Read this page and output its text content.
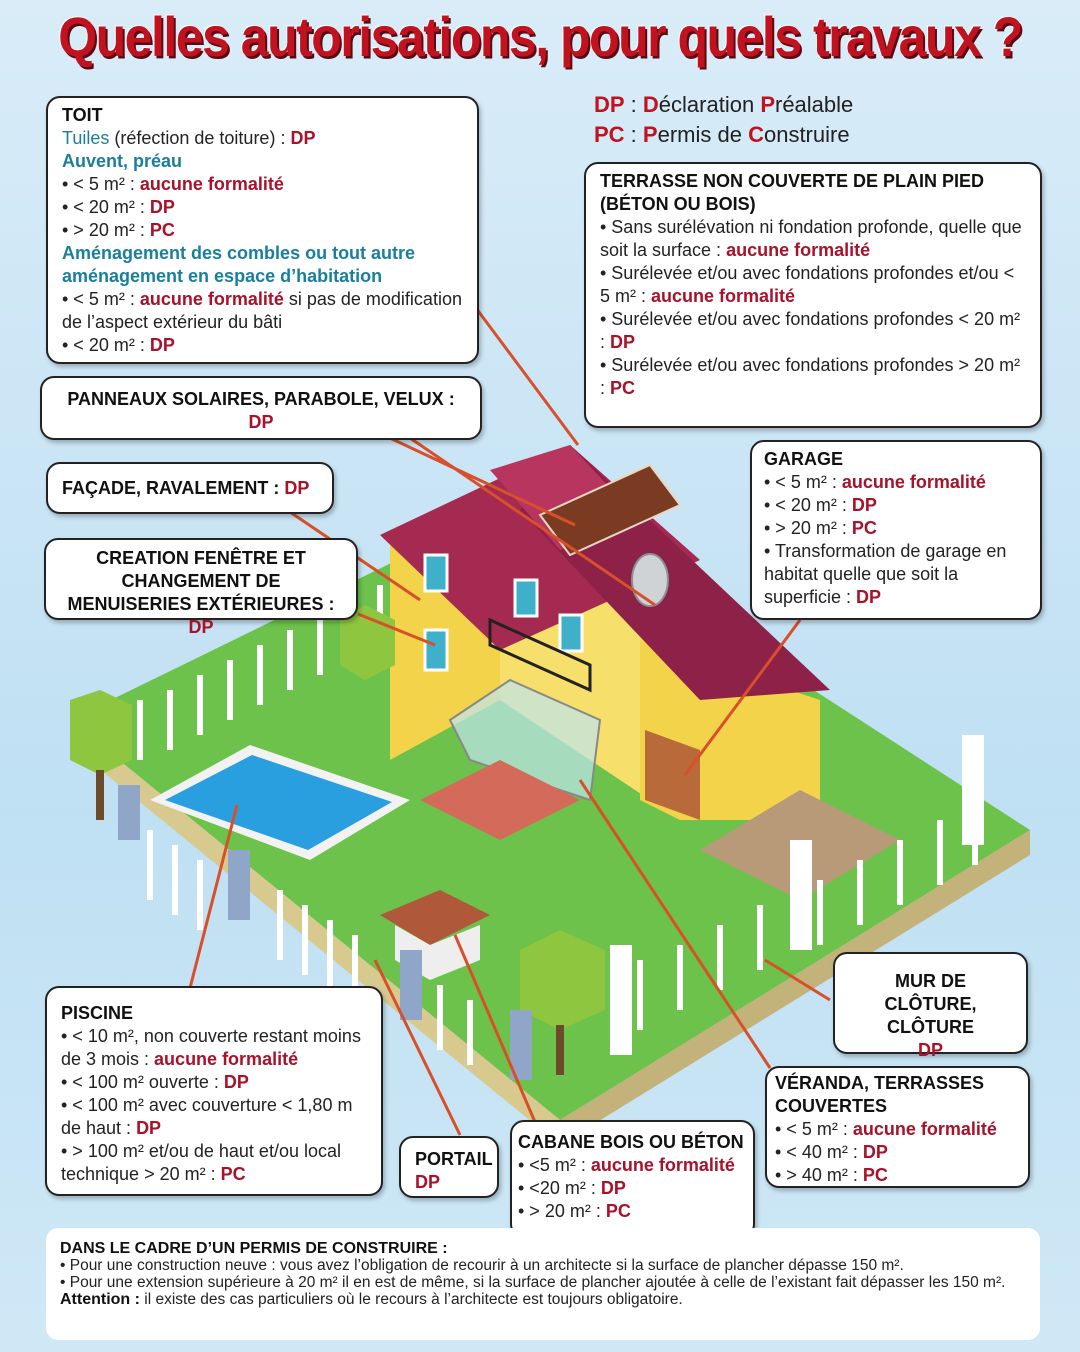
Quelles autorisations, pour quels travaux ?
DP : Déclaration Préalable
PC : Permis de Construire
TOIT
Tuiles (réfection de toiture) : DP
Auvent, préau
• < 5 m² : aucune formalité
• < 20 m² : DP
• > 20 m² : PC
Aménagement des combles ou tout autre aménagement en espace d’habitation
• < 5 m² : aucune formalité si pas de modification de l’aspect extérieur du bâti
• < 20 m² : DP
PANNEAUX SOLAIRES, PARABOLE, VELUX :
DP
FAÇADE, RAVALEMENT : DP
CREATION FENÊTRE ET CHANGEMENT DE MENUISERIES EXTÉRIEURES : DP
TERRASSE NON COUVERTE DE PLAIN PIED (BÉTON OU BOIS)
• Sans surélévation ni fondation profonde, quelle que soit la surface : aucune formalité
• Surélevée et/ou avec fondations profondes et/ou < 5 m² : aucune formalité
• Surélevée et/ou avec fondations profondes < 20 m² : DP
• Surélevée et/ou avec fondations profondes > 20 m² : PC
GARAGE
• < 5 m² : aucune formalité
• < 20 m² : DP
• > 20 m² : PC
• Transformation de garage en habitat quelle que soit la superficie : DP
MUR DE CLÔTURE, CLÔTURE
DP
PISCINE
• < 10 m², non couverte restant moins de 3 mois : aucune formalité
• < 100 m² ouverte : DP
• < 100 m² avec couverture < 1,80 m de haut : DP
• > 100 m² et/ou de haut et/ou local technique > 20 m² : PC
PORTAIL
DP
CABANE BOIS OU BÉTON
• <5 m² : aucune formalité
• <20 m² : DP
• > 20 m² : PC
VÉRANDA, TERRASSES COUVERTES
• < 5 m² : aucune formalité
• < 40 m² : DP
• > 40 m² : PC
DANS LE CADRE D’UN PERMIS DE CONSTRUIRE :
• Pour une construction neuve : vous avez l’obligation de recourir à un architecte si la surface de plancher dépasse 150 m².
• Pour une extension supérieure à 20 m² il en est de même, si la surface de plancher ajoutée à celle de l’existant fait dépasser les 150 m².
Attention : il existe des cas particuliers où le recours à l’architecte est toujours obligatoire.
